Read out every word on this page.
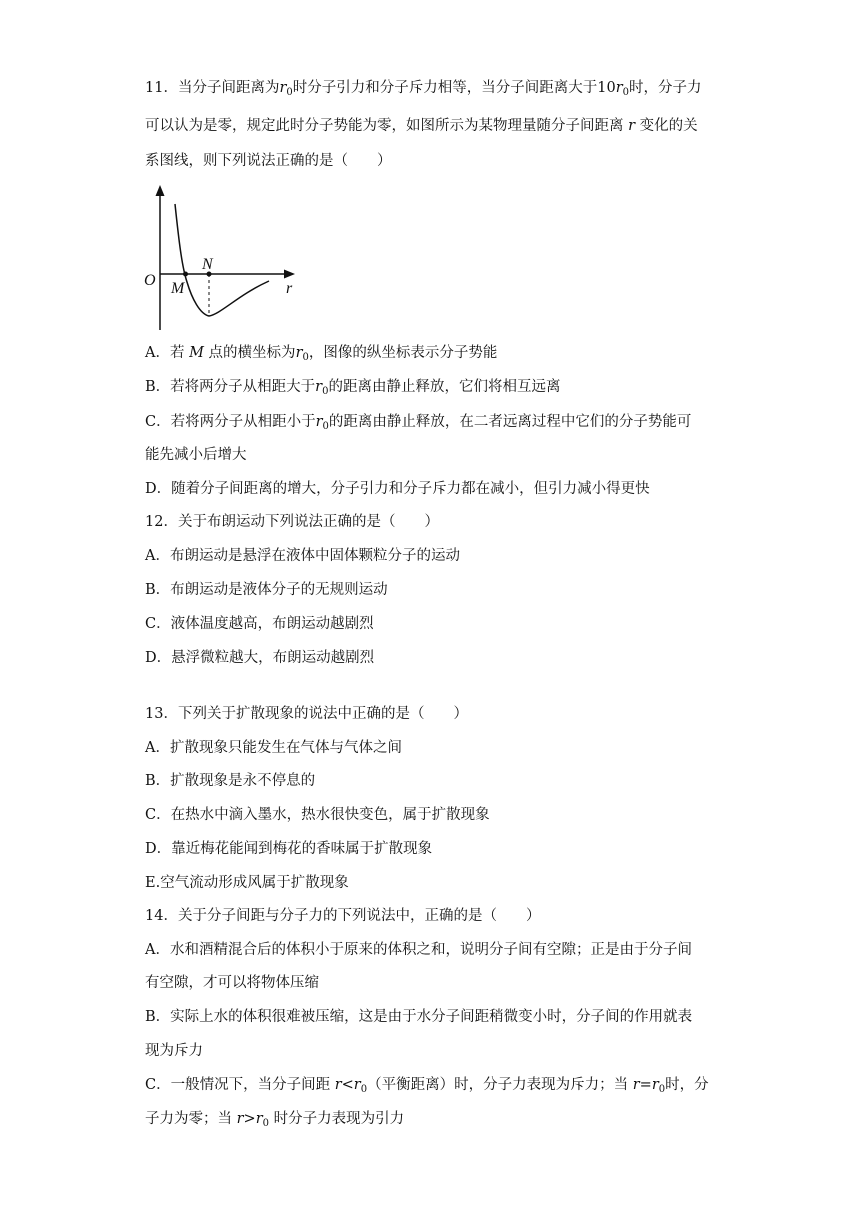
11．当分子间距离为$r_0$时分子引力和分子斥力相等，当分子间距离大于$10r_0$时，分子力
可以认为是零，规定此时分子势能为零，如图所示为某物理量随分子间距离 r 变化的关
系图线，则下列说法正确的是（　　）
O M
N
r
A．若 M 点的横坐标为$r_0$，图像的纵坐标表示分子势能
B．若将两分子从相距大于$r_0$的距离由静止释放，它们将相互远离
C．若将两分子从相距小于$r_0$的距离由静止释放，在二者远离过程中它们的分子势能可
能先减小后增大
D．随着分子间距离的增大，分子引力和分子斥力都在减小，但引力减小得更快
12．关于布朗运动下列说法正确的是（　　）
A．布朗运动是悬浮在液体中固体颗粒分子的运动
B．布朗运动是液体分子的无规则运动
C．液体温度越高，布朗运动越剧烈
D．悬浮微粒越大，布朗运动越剧烈
13．下列关于扩散现象的说法中正确的是（　　）
A．扩散现象只能发生在气体与气体之间
B．扩散现象是永不停息的
C．在热水中滴入墨水，热水很快变色，属于扩散现象
D．靠近梅花能闻到梅花的香味属于扩散现象
E.空气流动形成风属于扩散现象
14．关于分子间距与分子力的下列说法中，正确的是（　　）
A．水和酒精混合后的体积小于原来的体积之和，说明分子间有空隙；正是由于分子间
有空隙，才可以将物体压缩
B．实际上水的体积很难被压缩，这是由于水分子间距稍微变小时，分子间的作用就表
现为斥力
C．一般情况下，当分子间距 $r<r_0$（平衡距离）时，分子力表现为斥力；当 $r=r_0$时，分
子力为零；当 $r>r_0$ 时分子力表现为引力
